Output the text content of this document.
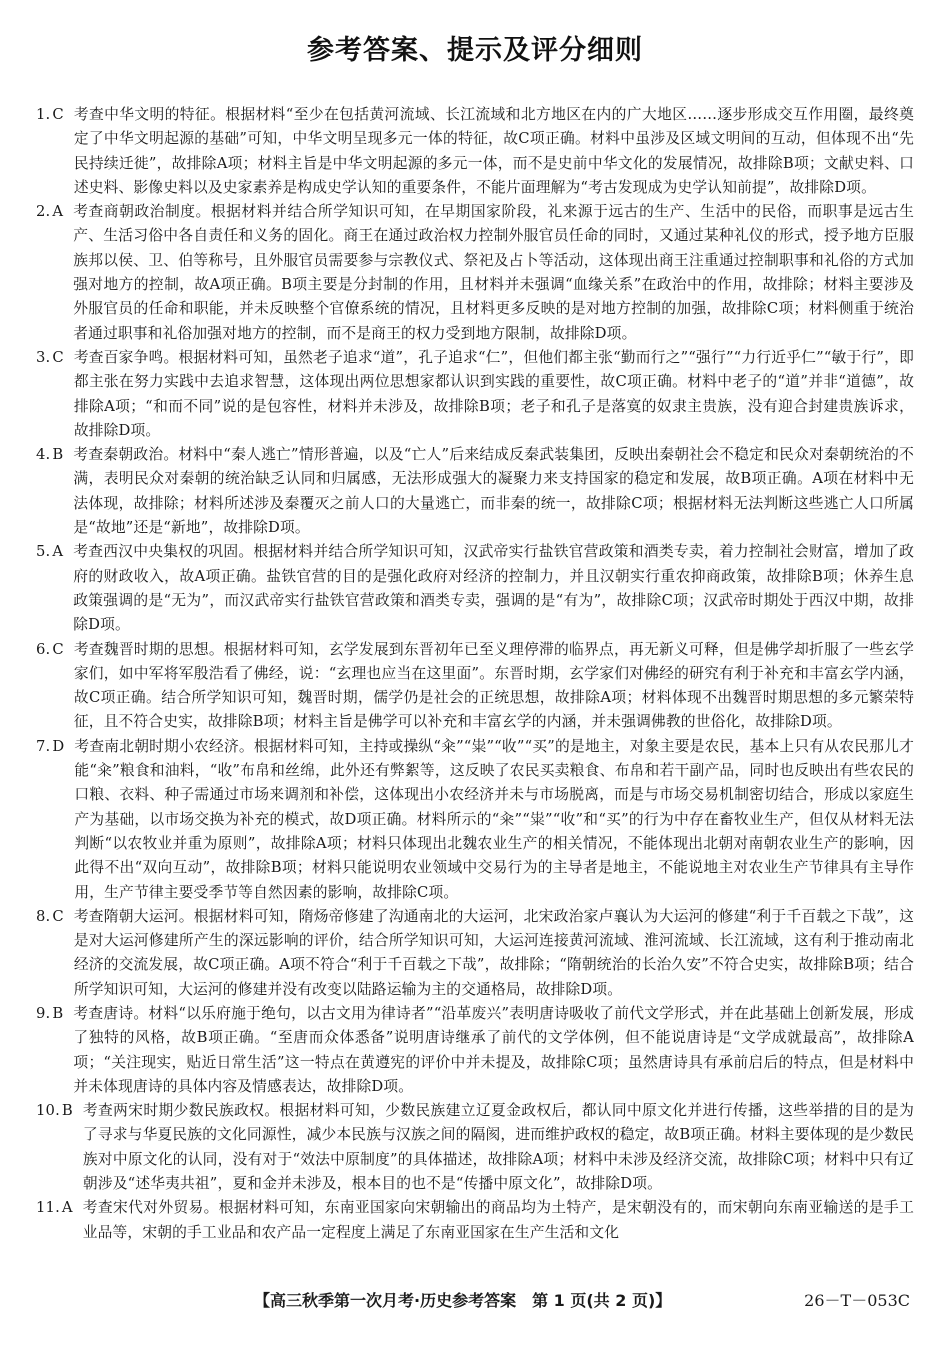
参考答案、提示及评分细则
1. C 考查中华文明的特征。根据材料“至少在包括黄河流域、长江流域和北方地区在内的广大地区……逐步形成交互作用圈，最终奠定了中华文明起源的基础”可知，中华文明呈现多元一体的特征，故C项正确。材料中虽涉及区域文明间的互动，但体现不出“先民持续迁徙”，故排除A项；材料主旨是中华文明起源的多元一体，而不是史前中华文化的发展情况，故排除B项；文献史料、口述史料、影像史料以及史家素养是构成史学认知的重要条件，不能片面理解为“考古发现成为史学认知前提”，故排除D项。
2. A 考查商朝政治制度。根据材料并结合所学知识可知，在早期国家阶段，礼来源于远古的生产、生活中的民俗，而职事是远古生产、生活习俗中各自责任和义务的固化。商王在通过政治权力控制外服官员任命的同时，又通过某种礼仪的形式，授予地方臣服族邦以侯、卫、伯等称号，且外服官员需要参与宗教仪式、祭祀及占卜等活动，这体现出商王注重通过控制职事和礼俗的方式加强对地方的控制，故A项正确。B项主要是分封制的作用，且材料并未强调“血缘关系”在政治中的作用，故排除；材料主要涉及外服官员的任命和职能，并未反映整个官僚系统的情况，且材料更多反映的是对地方控制的加强，故排除C项；材料侧重于统治者通过职事和礼俗加强对地方的控制，而不是商王的权力受到地方限制，故排除D项。
3. C 考查百家争鸣。根据材料可知，虽然老子追求“道”，孔子追求“仁”，但他们都主张“勤而行之”“强行”“力行近乎仁”“敏于行”，即都主张在努力实践中去追求智慧，这体现出两位思想家都认识到实践的重要性，故C项正确。材料中老子的“道”并非“道德”，故排除A项；“和而不同”说的是包容性，材料并未涉及，故排除B项；老子和孔子是落寞的奴隶主贵族，没有迎合封建贵族诉求，故排除D项。
4. B 考查秦朝政治。材料中“秦人逃亡”情形普遍，以及“亡人”后来结成反秦武装集团，反映出秦朝社会不稳定和民众对秦朝统治的不满，表明民众对秦朝的统治缺乏认同和归属感，无法形成强大的凝聚力来支持国家的稳定和发展，故B项正确。A项在材料中无法体现，故排除；材料所述涉及秦覆灭之前人口的大量逃亡，而非秦的统一，故排除C项；根据材料无法判断这些逃亡人口所属是“故地”还是“新地”，故排除D项。
5. A 考查西汉中央集权的巩固。根据材料并结合所学知识可知，汉武帝实行盐铁官营政策和酒类专卖，着力控制社会财富，增加了政府的财政收入，故A项正确。盐铁官营的目的是强化政府对经济的控制力，并且汉朝实行重农抑商政策，故排除B项；休养生息政策强调的是“无为”，而汉武帝实行盐铁官营政策和酒类专卖，强调的是“有为”，故排除C项；汉武帝时期处于西汉中期，故排除D项。
6. C 考查魏晋时期的思想。根据材料可知，玄学发展到东晋初年已至义理停滞的临界点，再无新义可释，但是佛学却折服了一些玄学家们，如中军将军殷浩看了佛经，说：“玄理也应当在这里面”。东晋时期，玄学家们对佛经的研究有利于补充和丰富玄学内涵，故C项正确。结合所学知识可知，魏晋时期，儒学仍是社会的正统思想，故排除A项；材料体现不出魏晋时期思想的多元繁荣特征，且不符合史实，故排除B项；材料主旨是佛学可以补充和丰富玄学的内涵，并未强调佛教的世俗化，故排除D项。
7. D 考查南北朝时期小农经济。根据材料可知，主持或操纵“籴”“粜”“收”“买”的是地主，对象主要是农民，基本上只有从农民那儿才能“籴”粮食和油料，“收”布帛和丝绵，此外还有弊絮等，这反映了农民买卖粮食、布帛和若干副产品，同时也反映出有些农民的口粮、衣料、种子需通过市场来调剂和补偿，这体现出小农经济并未与市场脱离，而是与市场交易机制密切结合，形成以家庭生产为基础，以市场交换为补充的模式，故D项正确。材料所示的“籴”“粜”“收”和“买”的行为中存在畜牧业生产，但仅从材料无法判断“以农牧业并重为原则”，故排除A项；材料只体现出北魏农业生产的相关情况，不能体现出北朝对南朝农业生产的影响，因此得不出“双向互动”，故排除B项；材料只能说明农业领域中交易行为的主导者是地主，不能说地主对农业生产节律具有主导作用，生产节律主要受季节等自然因素的影响，故排除C项。
8. C 考查隋朝大运河。根据材料可知，隋炀帝修建了沟通南北的大运河，北宋政治家卢襄认为大运河的修建“利于千百载之下哉”，这是对大运河修建所产生的深远影响的评价，结合所学知识可知，大运河连接黄河流域、淮河流域、长江流域，这有利于推动南北经济的交流发展，故C项正确。A项不符合“利于千百载之下哉”，故排除；“隋朝统治的长治久安”不符合史实，故排除B项；结合所学知识可知，大运河的修建并没有改变以陆路运输为主的交通格局，故排除D项。
9. B 考查唐诗。材料“以乐府施于绝句，以古文用为律诗者”“沿革废兴”表明唐诗吸收了前代文学形式，并在此基础上创新发展，形成了独特的风格，故B项正确。“至唐而众体悉备”说明唐诗继承了前代的文学体例，但不能说唐诗是“文学成就最高”，故排除A项；“关注现实，贴近日常生活”这一特点在黄遵宪的评价中并未提及，故排除C项；虽然唐诗具有承前启后的特点，但是材料中并未体现唐诗的具体内容及情感表达，故排除D项。
10. B 考查两宋时期少数民族政权。根据材料可知，少数民族建立辽夏金政权后，都认同中原文化并进行传播，这些举措的目的是为了寻求与华夏民族的文化同源性，减少本民族与汉族之间的隔阂，进而维护政权的稳定，故B项正确。材料主要体现的是少数民族对中原文化的认同，没有对于“效法中原制度”的具体描述，故排除A项；材料中未涉及经济交流，故排除C项；材料中只有辽朝涉及“述华夷共祖”，夏和金并未涉及，根本目的也不是“传播中原文化”，故排除D项。
11. A 考查宋代对外贸易。根据材料可知，东南亚国家向宋朝输出的商品均为土特产，是宋朝没有的，而宋朝向东南亚输送的是手工业品等，宋朝的手工业品和农产品一定程度上满足了东南亚国家在生产生活和文化
【高三秋季第一次月考·历史参考答案　第 1 页(共 2 页)】	26－T－053C
